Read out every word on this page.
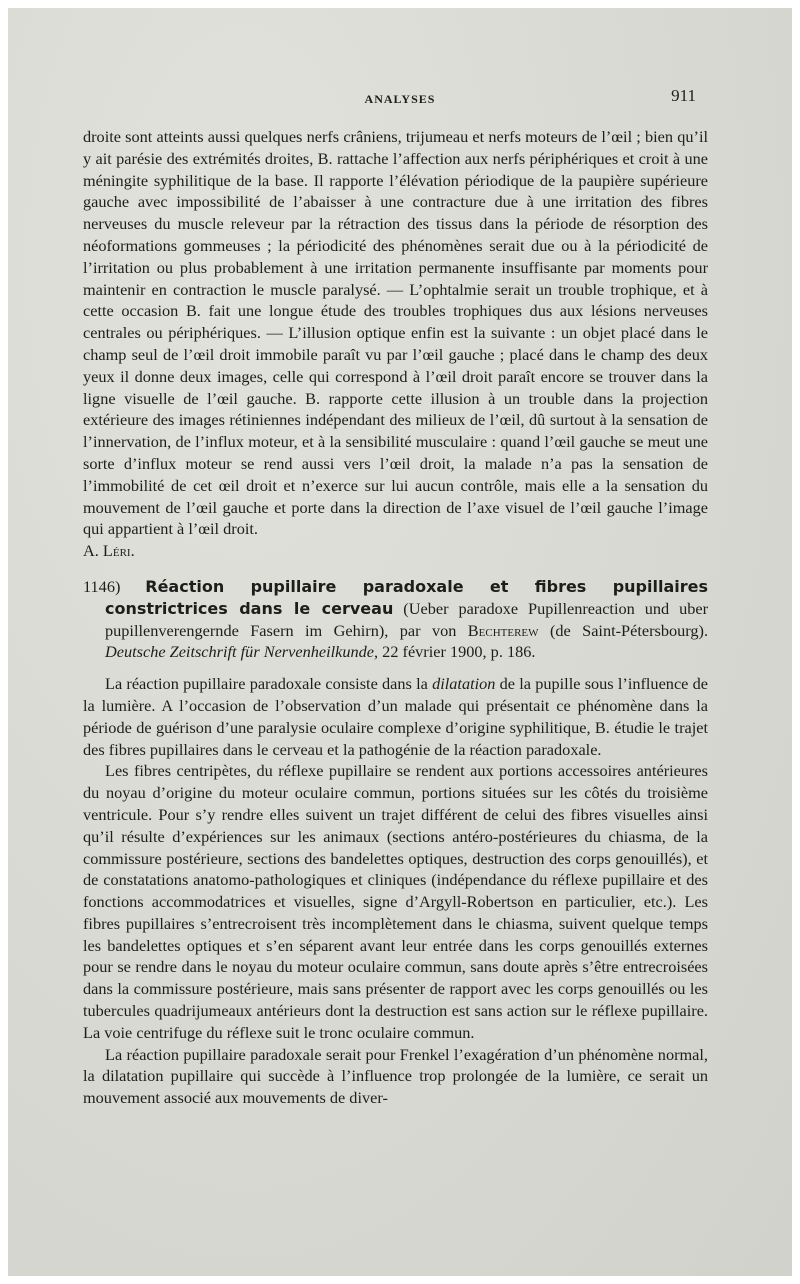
ANALYSES	911

droite sont atteints aussi quelques nerfs crâniens, trijumeau et nerfs moteurs de l’œil ; bien qu’il y ait parésie des extrémités droites, B. rattache l’affection aux nerfs périphériques et croit à une méningite syphilitique de la base. Il rapporte l’élévation périodique de la paupière supérieure gauche avec impossibilité de l’abaisser à une contracture due à une irritation des fibres nerveuses du muscle releveur par la rétraction des tissus dans la période de résorption des néoformations gommeuses ; la périodicité des phénomènes serait due ou à la périodicité de l’irritation ou plus probablement à une irritation permanente insuffisante par moments pour maintenir en contraction le muscle paralysé. — L’ophtalmie serait un trouble trophique, et à cette occasion B. fait une longue étude des troubles trophiques dus aux lésions nerveuses centrales ou périphériques. — L’illusion optique enfin est la suivante : un objet placé dans le champ seul de l’œil droit immobile paraît vu par l’œil gauche ; placé dans le champ des deux yeux il donne deux images, celle qui correspond à l’œil droit paraît encore se trouver dans la ligne visuelle de l’œil gauche. B. rapporte cette illusion à un trouble dans la projection extérieure des images rétiniennes indépendant des milieux de l’œil, dû surtout à la sensation de l’innervation, de l’influx moteur, et à la sensibilité musculaire : quand l’œil gauche se meut une sorte d’influx moteur se rend aussi vers l’œil droit, la malade n’a pas la sensation de l’immobilité de cet œil droit et n’exerce sur lui aucun contrôle, mais elle a la sensation du mouvement de l’œil gauche et porte dans la direction de l’axe visuel de l’œil gauche l’image qui appartient à l’œil droit.

A. Léri.

1146) Réaction pupillaire paradoxale et fibres pupillaires constrictrices dans le cerveau (Ueber paradoxe Pupillenreaction und uber pupillenverengernde Fasern im Gehirn), par von Bechterew (de Saint-Pétersbourg). Deutsche Zeitschrift für Nervenheilkunde, 22 février 1900, p. 186.

La réaction pupillaire paradoxale consiste dans la dilatation de la pupille sous l’influence de la lumière. A l’occasion de l’observation d’un malade qui présentait ce phénomène dans la période de guérison d’une paralysie oculaire complexe d’origine syphilitique, B. étudie le trajet des fibres pupillaires dans le cerveau et la pathogénie de la réaction paradoxale.

Les fibres centripètes, du réflexe pupillaire se rendent aux portions accessoires antérieures du noyau d’origine du moteur oculaire commun, portions situées sur les côtés du troisième ventricule. Pour s’y rendre elles suivent un trajet différent de celui des fibres visuelles ainsi qu’il résulte d’expériences sur les animaux (sections antéro-postérieures du chiasma, de la commissure postérieure, sections des bandelettes optiques, destruction des corps genouillés), et de constatations anatomo-pathologiques et cliniques (indépendance du réflexe pupillaire et des fonctions accommodatrices et visuelles, signe d’Argyll-Robertson en particulier, etc.). Les fibres pupillaires s’entrecroisent très incomplètement dans le chiasma, suivent quelque temps les bandelettes optiques et s’en séparent avant leur entrée dans les corps genouillés externes pour se rendre dans le noyau du moteur oculaire commun, sans doute après s’être entrecroisées dans la commissure postérieure, mais sans présenter de rapport avec les corps genouillés ou les tubercules quadrijumeaux antérieurs dont la destruction est sans action sur le réflexe pupillaire. La voie centrifuge du réflexe suit le tronc oculaire commun.

La réaction pupillaire paradoxale serait pour Frenkel l’exagération d’un phénomène normal, la dilatation pupillaire qui succède à l’influence trop prolongée de la lumière, ce serait un mouvement associé aux mouvements de diver-
